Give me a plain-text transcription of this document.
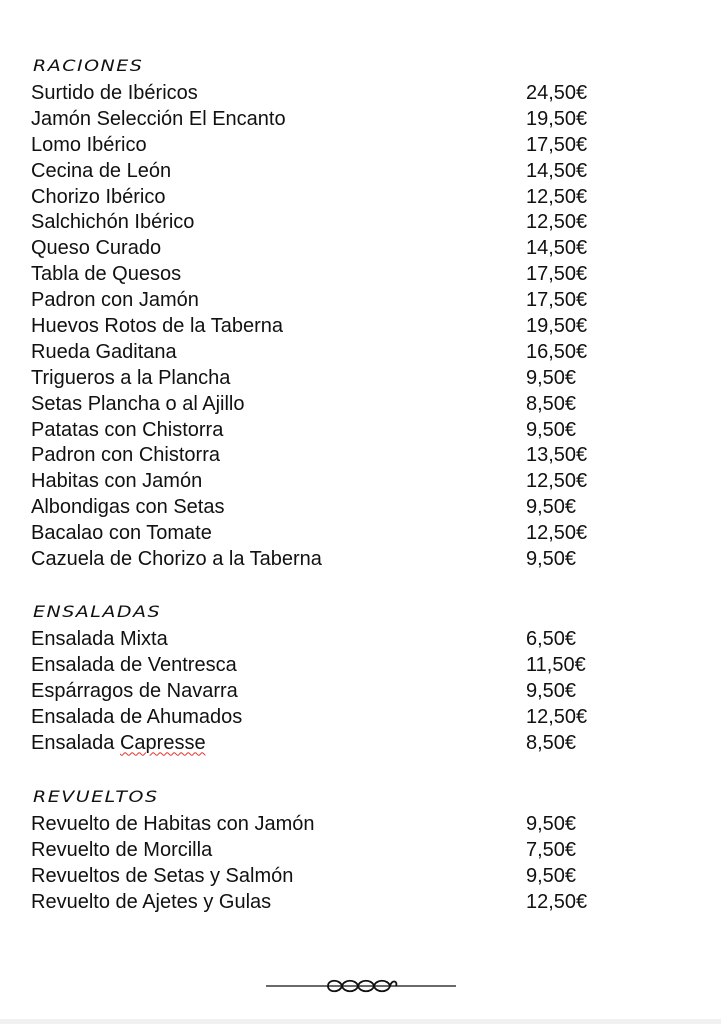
RACIONES
Surtido de Ibéricos	24,50€
Jamón Selección El Encanto	19,50€
Lomo Ibérico	17,50€
Cecina de León	14,50€
Chorizo Ibérico	12,50€
Salchichón Ibérico	12,50€
Queso Curado	14,50€
Tabla de Quesos	17,50€
Padron con Jamón	17,50€
Huevos Rotos de la Taberna	19,50€
Rueda Gaditana	16,50€
Trigueros a la Plancha	9,50€
Setas Plancha o al Ajillo	8,50€
Patatas con Chistorra	9,50€
Padron con Chistorra	13,50€
Habitas con Jamón	12,50€
Albondigas con Setas	9,50€
Bacalao con Tomate	12,50€
Cazuela de Chorizo a la Taberna	9,50€
ENSALADAS
Ensalada Mixta	6,50€
Ensalada de Ventresca	11,50€
Espárragos de Navarra	9,50€
Ensalada de Ahumados	12,50€
Ensalada Capresse	8,50€
REVUELTOS
Revuelto de Habitas con Jamón	9,50€
Revuelto de Morcilla	7,50€
Revueltos de Setas y Salmón	9,50€
Revuelto de Ajetes y Gulas	12,50€
